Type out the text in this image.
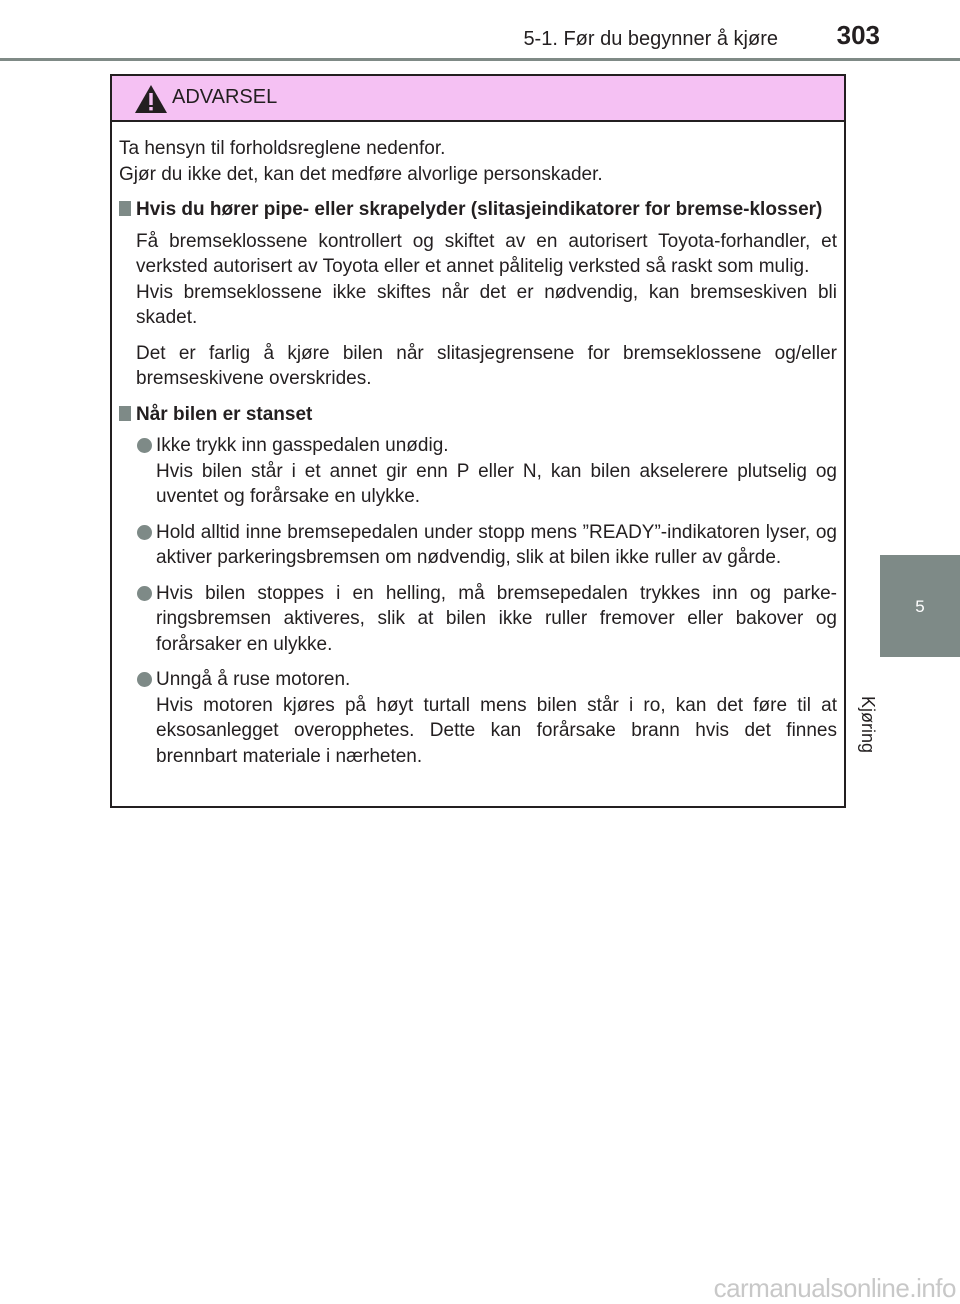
5-1. Før du begynner å kjøre 303
5
Kjøring
ADVARSEL

Ta hensyn til forholdsreglene nedenfor.

Gjør du ikke det, kan det medføre alvorlige personskader.

Hvis du hører pipe- eller skrapelyder (slitasjeindikatorer for bremse-klosser)

Få bremseklossene kontrollert og skiftet av en autorisert Toyota-forhandler, et verksted autorisert av Toyota eller et annet pålitelig verksted så raskt som mulig.

Hvis bremseklossene ikke skiftes når det er nødvendig, kan bremseskiven bli skadet.

Det er farlig å kjøre bilen når slitasjegrensene for bremseklossene og/eller bremseskivene overskrides.

Når bilen er stanset

Ikke trykk inn gasspedalen unødig.

Hvis bilen står i et annet gir enn P eller N, kan bilen akselerere plutselig og uventet og forårsake en ulykke.

Hold alltid inne bremsepedalen under stopp mens ”READY”-indikatoren lyser, og aktiver parkeringsbremsen om nødvendig, slik at bilen ikke ruller av gårde.

Hvis bilen stoppes i en helling, må bremsepedalen trykkes inn og parke-ringsbremsen aktiveres, slik at bilen ikke ruller fremover eller bakover og forårsaker en ulykke.

Unngå å ruse motoren.

Hvis motoren kjøres på høyt turtall mens bilen står i ro, kan det føre til at eksosanlegget overopphetes. Dette kan forårsake brann hvis det finnes brennbart materiale i nærheten.

carmanualsonline.info
